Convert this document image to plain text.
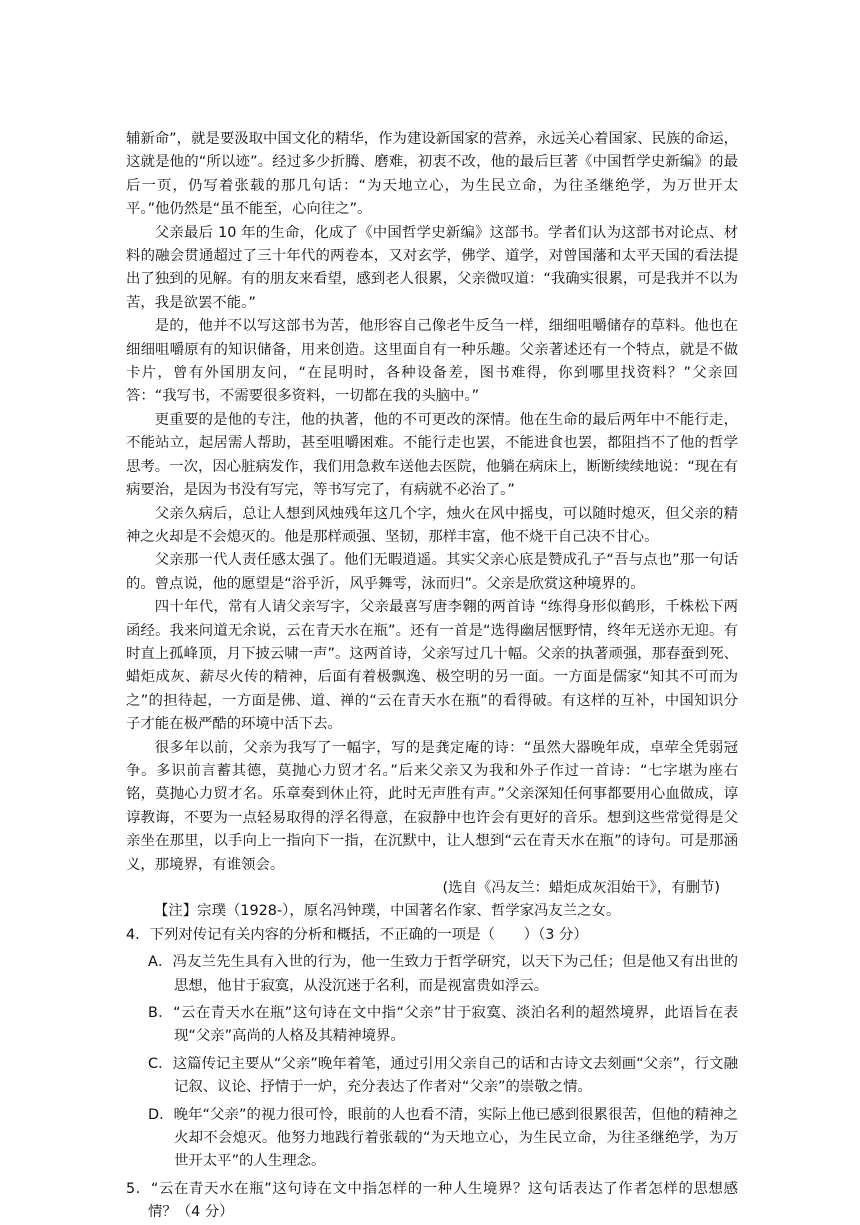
辅新命”，就是要汲取中国文化的精华，作为建设新国家的营养，永远关心着国家、民族的命运，这就是他的“所以迹”。经过多少折腾、磨难，初衷不改，他的最后巨著《中国哲学史新编》的最后一页，仍写着张载的那几句话：“为天地立心，为生民立命，为往圣继绝学，为万世开太平。”他仍然是“虽不能至，心向往之”。

父亲最后 10 年的生命，化成了《中国哲学史新编》这部书。学者们认为这部书对论点、材料的融会贯通超过了三十年代的两卷本，又对玄学，佛学、道学，对曾国藩和太平天国的看法提出了独到的见解。有的朋友来看望，感到老人很累，父亲微叹道：“我确实很累，可是我并不以为苦，我是欲罢不能。”

是的，他并不以写这部书为苦，他形容自己像老牛反刍一样，细细咀嚼储存的草料。他也在细细咀嚼原有的知识储备，用来创造。这里面自有一种乐趣。父亲著述还有一个特点，就是不做卡片，曾有外国朋友问，“在昆明时，各种设备差，图书难得，你到哪里找资料？”父亲回答：“我写书，不需要很多资料，一切都在我的头脑中。”

更重要的是他的专注，他的执著，他的不可更改的深情。他在生命的最后两年中不能行走，不能站立，起居需人帮助，甚至咀嚼困难。不能行走也罢，不能进食也罢，都阻挡不了他的哲学思考。一次，因心脏病发作，我们用急救车送他去医院，他躺在病床上，断断续续地说：“现在有病要治，是因为书没有写完，等书写完了，有病就不必治了。”

父亲久病后，总让人想到风烛残年这几个字，烛火在风中摇曳，可以随时熄灭，但父亲的精神之火却是不会熄灭的。他是那样顽强、坚韧，那样丰富，他不烧干自己决不甘心。

父亲那一代人责任感太强了。他们无暇逍遥。其实父亲心底是赞成孔子“吾与点也”那一句话的。曾点说，他的愿望是“浴乎沂，风乎舞雩，泳而归”。父亲是欣赏这种境界的。

四十年代，常有人请父亲写字，父亲最喜写唐李翱的两首诗 “练得身形似鹤形，千株松下两函经。我来问道无余说，云在青天水在瓶”。还有一首是“选得幽居惬野情，终年无送亦无迎。有时直上孤峰顶，月下披云啸一声”。这两首诗，父亲写过几十幅。父亲的执著顽强，那春蚕到死、蜡炬成灰、薪尽火传的精神，后面有着极飘逸、极空明的另一面。一方面是儒家“知其不可而为之”的担待起，一方面是佛、道、禅的“云在青天水在瓶”的看得破。有这样的互补，中国知识分子才能在极严酷的环境中活下去。

很多年以前，父亲为我写了一幅字，写的是龚定庵的诗：“虽然大器晚年成，卓荦全凭弱冠争。多识前言蓄其德，莫抛心力贸才名。”后来父亲又为我和外子作过一首诗：“七字堪为座右铭，莫抛心力贸才名。乐章奏到休止符，此时无声胜有声。”父亲深知任何事都要用心血做成，谆谆教诲，不要为一点轻易取得的浮名得意，在寂静中也许会有更好的音乐。想到这些常觉得是父亲坐在那里，以手向上一指向下一指，在沉默中，让人想到“云在青天水在瓶”的诗句。可是那涵义，那境界，有谁领会。

(选自《冯友兰：蜡炬成灰泪始干》，有删节)

【注】宗璞（1928-），原名冯钟璞，中国著名作家、哲学家冯友兰之女。

4．下列对传记有关内容的分析和概括，不正确的一项是（　　）（3 分）

A．冯友兰先生具有入世的行为，他一生致力于哲学研究，以天下为己任；但是他又有出世的思想，他甘于寂寞，从没沉迷于名利，而是视富贵如浮云。

B．“云在青天水在瓶”这句诗在文中指“父亲”甘于寂寞、淡泊名利的超然境界，此语旨在表现“父亲”高尚的人格及其精神境界。

C．这篇传记主要从“父亲”晚年着笔，通过引用父亲自己的话和古诗文去刻画“父亲”，行文融记叙、议论、抒情于一炉，充分表达了作者对“父亲”的崇敬之情。

D．晚年“父亲”的视力很可怜，眼前的人也看不清，实际上他已感到很累很苦，但他的精神之火却不会熄灭。他努力地践行着张载的“为天地立心，为生民立命，为往圣继绝学，为万世开太平”的人生理念。

5．“云在青天水在瓶”这句诗在文中指怎样的一种人生境界？这句话表达了作者怎样的思想感情？（4 分）
